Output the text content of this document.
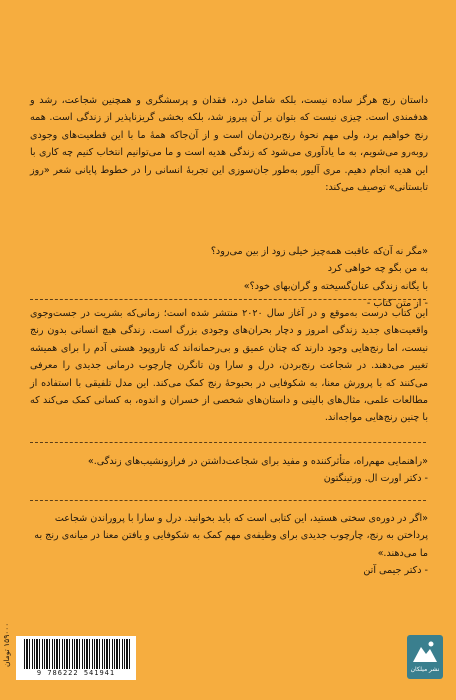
داستان رنج هرگز ساده نیست، بلکه شامل درد، فقدان و پرسشگری و همچنین شجاعت، رشد و هدفمندی است. چیزی نیست که بتوان بر آن پیروز شد، بلکه بخشی گریزناپذیر از زندگی است. همه رنج خواهیم برد، ولی مهم نحوهٔ رنج‌بردن‌مان است و از آن‌جاکه همهٔ ما با این قطعیت‌های وجودی روبه‌رو می‌شویم، به ما یادآوری می‌شود که زندگی هدیه است و ما می‌توانیم انتخاب کنیم چه کاری با این هدیه انجام دهیم. مری آلیور به‌طور جان‌سوزی این تجربهٔ انسانی را در خطوط پایانی شعر «روز تابستانی» توصیف می‌کند:

«مگر نه آن‌که عاقبت همه‌چیز خیلی زود از بین می‌رود؟

به من بگو چه خواهی کرد

با یگانه زندگی عنان‌گسیخته و گران‌بهای خود؟»

- از متن کتاب -

این کتاب درست به‌موقع و در آغاز سال ۲۰۲۰ منتشر شده است؛ زمانی‌که بشریت در جست‌وجوی واقعیت‌های جدید زندگی امروز و دچار بحران‌های وجودی بزرگ است. زندگی هیچ انسانی بدون رنج نیست، اما رنج‌هایی وجود دارند که چنان عمیق و بی‌رحمانه‌اند که تاروپود هستی آدم را برای همیشه تغییر می‌دهند. در شجاعت رنج‌بردن، درل و سارا ون تانگرن چارچوب درمانی جدیدی را معرفی می‌کنند که با پرورش معنا، به شکوفایی در بحبوحهٔ رنج کمک می‌کند. این مدل تلفیقی با استفاده از مطالعات علمی، مثال‌های بالینی و داستان‌های شخصی از خسران و اندوه، به کسانی کمک می‌کند که با چنین رنج‌هایی مواجه‌اند.

«راهنمایی مهم‌راه، متأثرکننده و مفید برای شجاعت‌داشتن در فرازونشیب‌های زندگی.»

- دکتر اورت ال. ورتینگتون

«اگر در دوره‌ی سختی هستید، این کتابی است که باید بخوانید. درل و سارا با پروراندن شجاعت پرداختن به رنج، چارچوب جدیدی برای وظیفه‌ی مهم کمک به شکوفایی و یافتن معنا در میانه‌ی رنج به ما می‌دهند.»

- دکتر جیمی آتن

۱۵۹۰۰۰ تومان
9 786222 541941	نشر میلکان
